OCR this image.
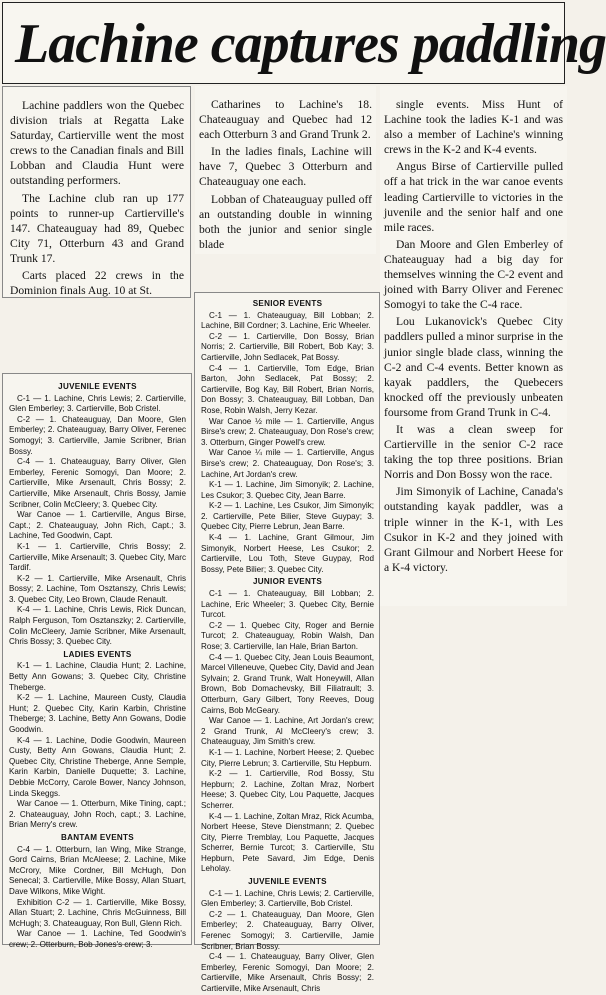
Lachine captures paddling

Lachine paddlers won the Quebec division trials at Regatta Lake Saturday, Cartierville went the most crews to the Canadian finals and Bill Lobban and Claudia Hunt were outstanding performers.

The Lachine club ran up 177 points to runner-up Cartierville's 147. Chateauguay had 89, Quebec City 71, Otterburn 43 and Grand Trunk 17.

Carts placed 22 crews in the Dominion finals Aug. 10 at St.

Catharines to Lachine's 18. Chateauguay and Quebec had 12 each Otterburn 3 and Grand Trunk 2.

In the ladies finals, Lachine will have 7, Quebec 3 Otterburn and Chateauguay one each.

Lobban of Chateauguay pulled off an outstanding double in winning both the junior and senior single blade

single events. Miss Hunt of Lachine took the ladies K-1 and was also a member of Lachine's winning crews in the K-2 and K-4 events.

Angus Birse of Cartierville pulled off a hat trick in the war canoe events leading Cartierville to victories in the juvenile and the senior half and one mile races.

Dan Moore and Glen Emberley of Chateauguay had a big day for themselves winning the C-2 event and joined with Barry Oliver and Ferenec Somogyi to take the C-4 race.

Lou Lukanovick's Quebec City paddlers pulled a minor surprise in the junior single blade class, winning the C-2 and C-4 events. Better known as kayak paddlers, the Quebecers knocked off the previously unbeaten foursome from Grand Trunk in C-4.

It was a clean sweep for Cartierville in the senior C-2 race taking the top three positions. Brian Norris and Don Bossy won the race.

Jim Simonyik of Lachine, Canada's outstanding kayak paddler, was a triple winner in the K-1, with Les Csukor in K-2 and they joined with Grant Gilmour and Norbert Heese for a K-4 victory.

JUVENILE EVENTS
C-1 — 1. Lachine, Chris Lewis; 2. Cartierville, Glen Emberley; 3. Cartierville, Bob Cristel.
C-2 — 1. Chateauguay, Dan Moore, Glen Emberley; 2. Chateauguay, Barry Oliver, Ferenec Somogyi; 3. Cartierville, Jamie Scribner, Brian Bossy.
C-4 — 1. Chateauguay, Barry Oliver, Glen Emberley, Ferenic Somogyi, Dan Moore; 2. Cartierville, Mike Arsenault, Chris Bossy; 2. Cartierville, Mike Arsenault, Chris Bossy, Jamie Scribner, Colin McCleery; 3. Quebec City.
War Canoe — 1. Cartierville, Angus Birse, Capt.; 2. Chateauguay, John Rich, Capt.; 3. Lachine, Ted Goodwin, Capt.
K-1 — 1. Cartierville, Chris Bossy; 2. Cartierville, Mike Arsenault; 3. Quebec City, Marc Tardif.
K-2 — 1. Cartierville, Mike Arsenault, Chris Bossy; 2. Lachine, Tom Osztanszy, Chris Lewis; 3. Quebec City, Leo Brown, Claude Renault.
K-4 — 1. Lachine, Chris Lewis, Rick Duncan, Ralph Ferguson, Tom Osztanszky; 2. Cartierville, Colin McCleery, Jamie Scribner, Mike Arsenault, Chris Bossy; 3. Quebec City.
LADIES EVENTS
K-1 — 1. Lachine, Claudia Hunt; 2. Lachine, Betty Ann Gowans; 3. Quebec City, Christine Theberge.
K-2 — 1. Lachine, Maureen Custy, Claudia Hunt; 2. Quebec City, Karin Karbin, Christine Theberge; 3. Lachine, Betty Ann Gowans, Dodie Goodwin.
K-4 — 1. Lachine, Dodie Goodwin, Maureen Custy, Betty Ann Gowans, Claudia Hunt; 2. Quebec City, Christine Theberge, Anne Semple, Karin Karbin, Danielle Duquette; 3. Lachine, Debbie McCorry, Carole Bower, Nancy Johnson, Linda Skeggs.
War Canoe — 1. Otterburn, Mike Tining, capt.; 2. Chateauguay, John Roch, capt.; 3. Lachine, Brian Merry's crew.
BANTAM EVENTS
C-4 — 1. Otterburn, Ian Wing, Mike Strange, Gord Cairns, Brian McAleese; 2. Lachine, Mike McCrory, Mike Cordner, Bill McHugh, Don Senecal; 3. Cartierville, Mike Bossy, Allan Stuart, Dave Wilkons, Mike Wight.
Exhibition C-2 — 1. Cartierville, Mike Bossy, Allan Stuart; 2. Lachine, Chris McGuinness, Bill McHugh; 3. Chateauguay, Ron Bull, Glenn Rich.
War Canoe — 1. Lachine, Ted Goodwin's crew; 2. Otterburn, Bob Jones's crew; 3.
SENIOR EVENTS
C-1 — 1. Chateauguay, Bill Lobban; 2. Lachine, Bill Cordner; 3. Lachine, Eric Wheeler.
C-2 — 1. Cartierville, Don Bossy, Brian Norris; 2. Cartierville, Bill Robert, Bob Kay; 3. Cartierville, John Sedlacek, Pat Bossy.
C-4 — 1. Cartierville, Tom Edge, Brian Barton, John Sedlacek, Pat Bossy; 2. Cartierville, Bog Kay, Bill Robert, Brian Norris, Don Bossy; 3. Chateauguay, Bill Lobban, Dan Rose, Robin Walsh, Jerry Kezar.
War Canoe ½ mile — 1. Cartierville, Angus Birse's crew; 2. Chateauguay, Don Rose's crew; 3. Otterburn, Ginger Powell's crew.
War Canoe ¼ mile — 1. Cartierville, Angus Birse's crew; 2. Chateauguay, Don Rose's; 3. Lachine, Art Jordan's crew.
K-1 — 1. Lachine, Jim Simonyik; 2. Lachine, Les Csukor; 3. Quebec City, Jean Barre.
K-2 — 1. Lachine, Les Csukor, Jim Simonyik; 2. Cartierville, Pete Bilier, Steve Guypay; 3. Quebec City, Pierre Lebrun, Jean Barre.
K-4 — 1. Lachine, Grant Gilmour, Jim Simonyik, Norbert Heese, Les Csukor; 2. Cartierville, Lou Toth, Steve Guypay, Rod Bossy, Pete Bilier; 3. Quebec City.
JUNIOR EVENTS
C-1 — 1. Chateauguay, Bill Lobban; 2. Lachine, Eric Wheeler; 3. Quebec City, Bernie Turcot.
C-2 — 1. Quebec City, Roger and Bernie Turcot; 2. Chateauguay, Robin Walsh, Dan Rose; 3. Cartierville, Ian Hale, Brian Barton.
C-4 — 1. Quebec City, Jean Louis Beaumont, Marcel Villeneuve, Quebec City, David and Jean Sylvain; 2. Grand Trunk, Walt Honeywill, Allan Brown, Bob Domachevsky, Bill Filiatrault; 3. Otterburn, Gary Gilbert, Tony Reeves, Doug Cairns, Bob McGeary.
War Canoe — 1. Lachine, Art Jordan's crew; 2 Grand Trunk, Al McCleery's crew; 3. Chateauguay, Jim Smith's crew.
K-1 — 1. Lachine, Norbert Heese; 2. Quebec City, Pierre Lebrun; 3. Cartierville, Stu Hepburn.
K-2 — 1. Cartierville, Rod Bossy, Stu Hepburn; 2. Lachine, Zoltan Mraz, Norbert Heese; 3. Quebec City, Lou Paquette, Jacques Scherrer.
K-4 — 1. Lachine, Zoltan Mraz, Rick Acumba, Norbert Heese, Steve Dienstmann; 2. Quebec City, Pierre Tremblay, Lou Paquette, Jacques Scherrer, Bernie Turcot; 3. Cartierville, Stu Hepburn, Pete Savard, Jim Edge, Denis Leholay.
JUVENILE EVENTS
C-1 — 1. Lachine, Chris Lewis; 2. Cartierville, Glen Emberley; 3. Cartierville, Bob Cristel.
C-2 — 1. Chateauguay, Dan Moore, Glen Emberley; 2. Chateauguay, Barry Oliver, Ferenec Somogyi; 3. Cartierville, Jamie Scribner, Brian Bossy.
C-4 — 1. Chateauguay, Barry Oliver, Glen Emberley, Ferenic Somogyi, Dan Moore; 2. Cartierville, Mike Arsenault, Chris Bossy; 2. Cartierville, Mike Arsenault, Chris
